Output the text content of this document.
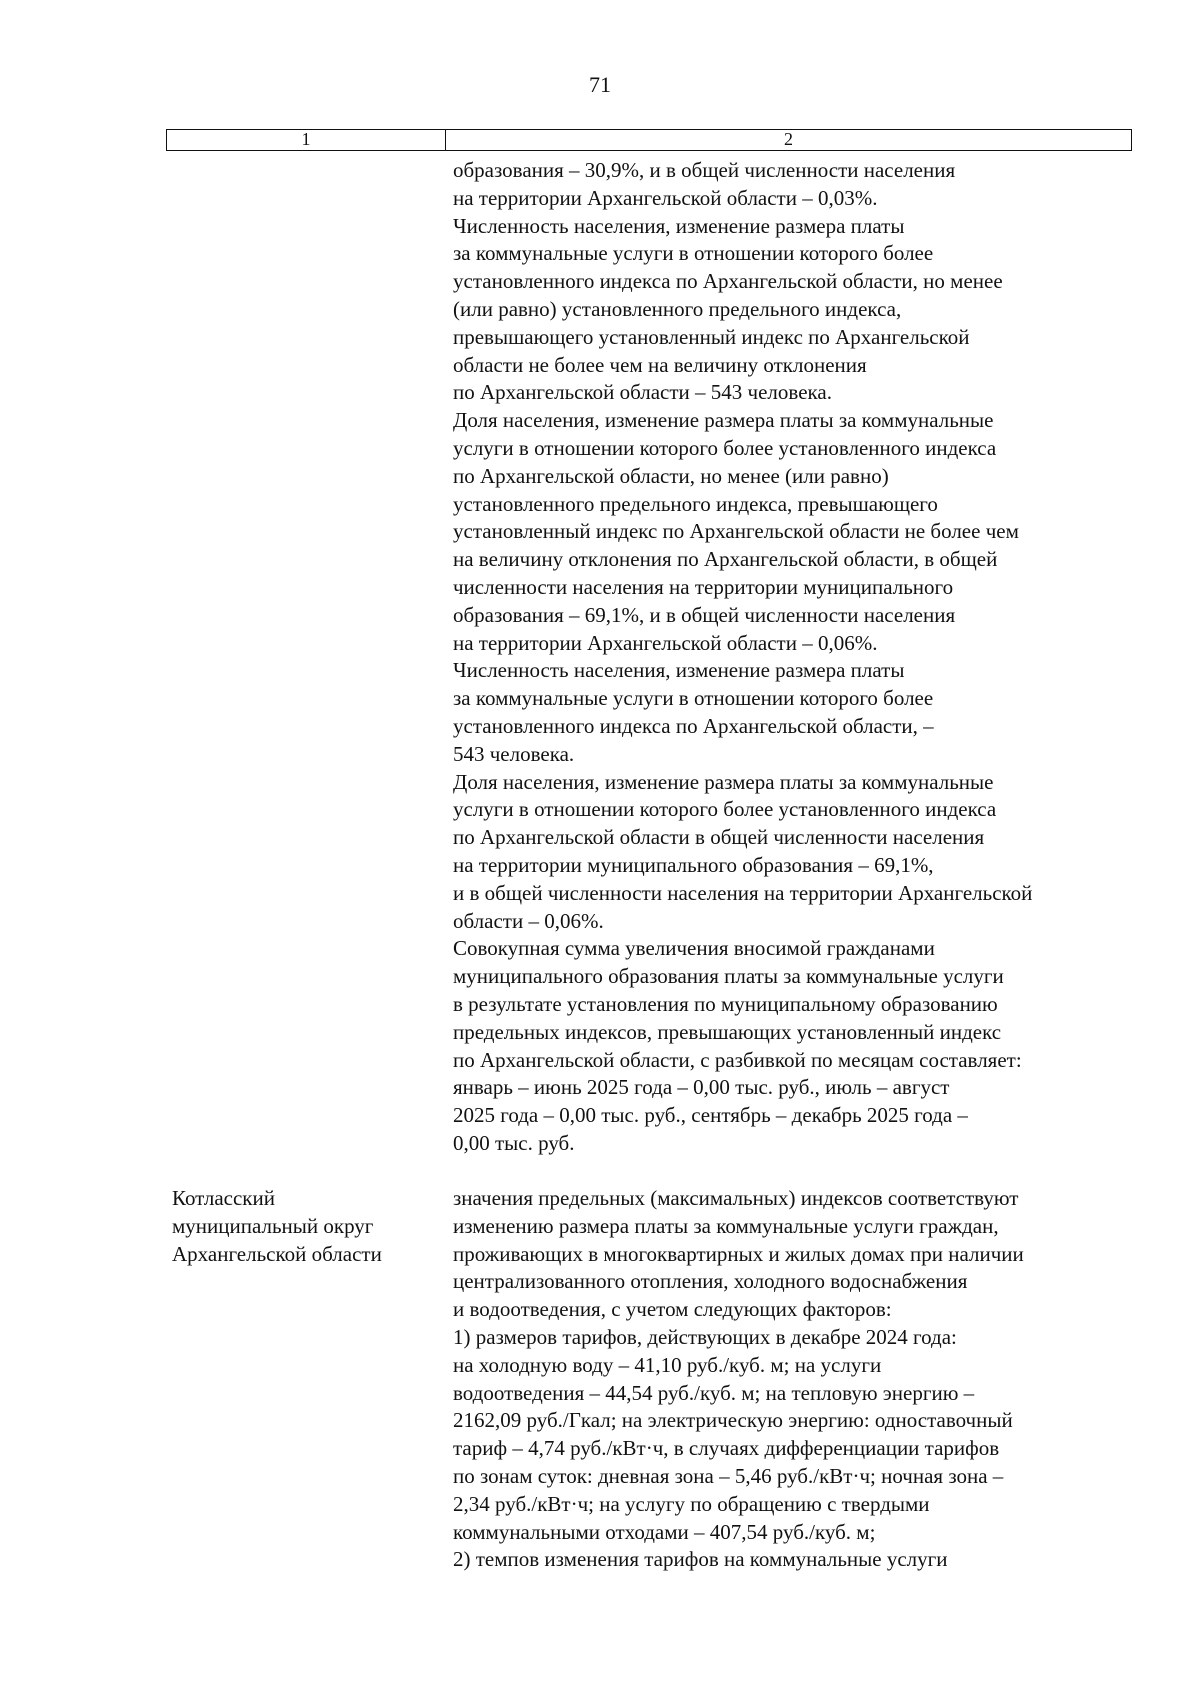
71
1	2
образования – 30,9%, и в общей численности населения
на территории Архангельской области – 0,03%.
Численность населения, изменение размера платы
за коммунальные услуги в отношении которого более
установленного индекса по Архангельской области, но менее
(или равно) установленного предельного индекса,
превышающего установленный индекс по Архангельской
области не более чем на величину отклонения
по Архангельской области – 543 человека.
Доля населения, изменение размера платы за коммунальные
услуги в отношении которого более установленного индекса
по Архангельской области, но менее (или равно)
установленного предельного индекса, превышающего
установленный индекс по Архангельской области не более чем
на величину отклонения по Архангельской области, в общей
численности населения на территории муниципального
образования – 69,1%, и в общей численности населения
на территории Архангельской области – 0,06%.
Численность населения, изменение размера платы
за коммунальные услуги в отношении которого более
установленного индекса по Архангельской области, –
543 человека.
Доля населения, изменение размера платы за коммунальные
услуги в отношении которого более установленного индекса
по Архангельской области в общей численности населения
на территории муниципального образования – 69,1%,
и в общей численности населения на территории Архангельской
области – 0,06%.
Совокупная сумма увеличения вносимой гражданами
муниципального образования платы за коммунальные услуги
в результате установления по муниципальному образованию
предельных индексов, превышающих установленный индекс
по Архангельской области, с разбивкой по месяцам составляет:
январь – июнь 2025 года – 0,00 тыс. руб., июль – август
2025 года – 0,00 тыс. руб., сентябрь – декабрь 2025 года –
0,00 тыс. руб.
Котласский
муниципальный округ
Архангельской области
значения предельных (максимальных) индексов соответствуют
изменению размера платы за коммунальные услуги граждан,
проживающих в многоквартирных и жилых домах при наличии
централизованного отопления, холодного водоснабжения
и водоотведения, с учетом следующих факторов:
1) размеров тарифов, действующих в декабре 2024 года:
на холодную воду – 41,10 руб./куб. м; на услуги
водоотведения – 44,54 руб./куб. м; на тепловую энергию –
2162,09 руб./Гкал; на электрическую энергию: одноставочный
тариф – 4,74 руб./кВт·ч, в случаях дифференциации тарифов
по зонам суток: дневная зона – 5,46 руб./кВт·ч; ночная зона –
2,34 руб./кВт·ч; на услугу по обращению с твердыми
коммунальными отходами – 407,54 руб./куб. м;
2) темпов изменения тарифов на коммунальные услуги
